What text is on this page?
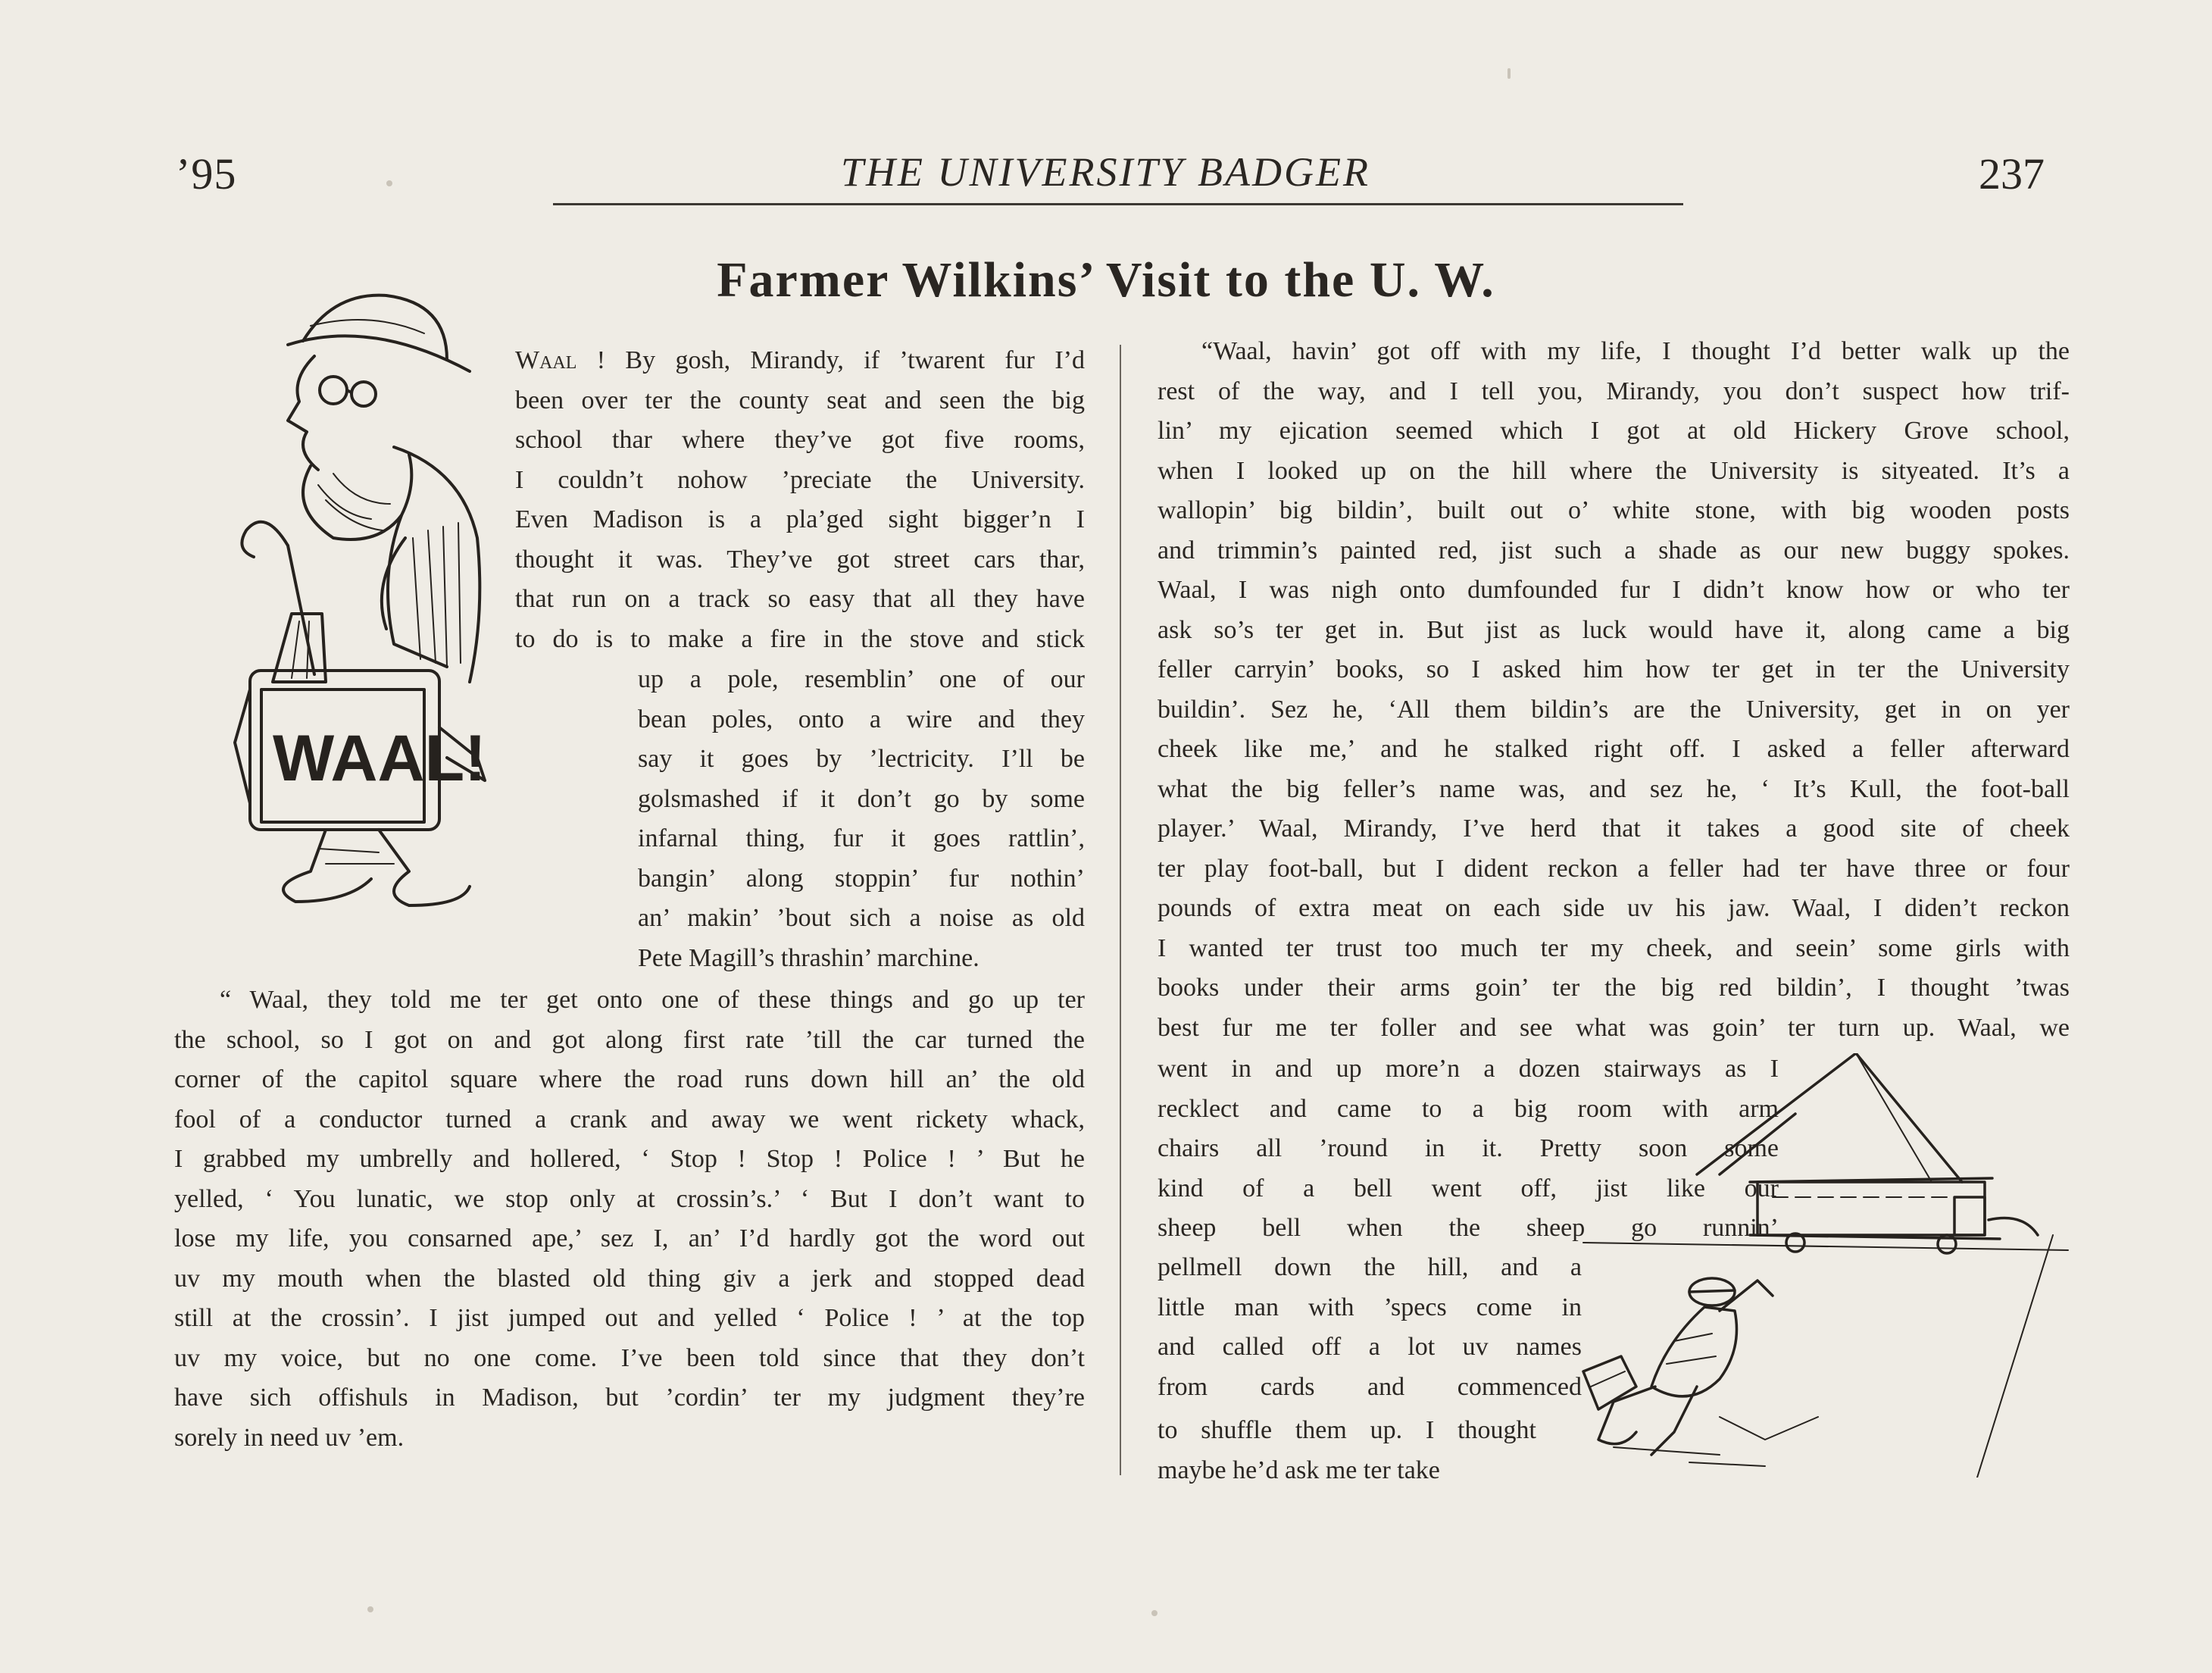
’95	THE UNIVERSITY BADGER	237
Farmer Wilkins’ Visit to the U. W.
WAAL!
Waal ! By gosh, Mirandy, if ’twarent fur I’d
been over ter the county seat and seen the big
school thar where they’ve got five rooms,
I couldn’t nohow ’preciate the University.
Even Madison is a pla’ged sight bigger’n I
thought it was. They’ve got street cars thar,
that run on a track so easy that all they have
to do is to make a fire in the stove and stick
up a pole, resemblin’ one of our
bean poles, onto a wire and they
say it goes by ’lectricity. I’ll be
golsmashed if it don’t go by some
infarnal thing, fur it goes rattlin’,
bangin’ along stoppin’ fur nothin’
an’ makin’ ’bout sich a noise as old
Pete Magill’s thrashin’ marchine.
“ Waal, they told me ter get onto one of these things and go up ter
the school, so I got on and got along first rate ’till the car turned the
corner of the capitol square where the road runs down hill an’ the old
fool of a conductor turned a crank and away we went rickety whack,
I grabbed my umbrelly and hollered, ‘ Stop ! Stop ! Police ! ’ But he
yelled, ‘ You lunatic, we stop only at crossin’s.’ ‘ But I don’t want to
lose my life, you consarned ape,’ sez I, an’ I’d hardly got the word out
uv my mouth when the blasted old thing giv a jerk and stopped dead
still at the crossin’. I jist jumped out and yelled ‘ Police ! ’ at the top
uv my voice, but no one come. I’ve been told since that they don’t
have sich offishuls in Madison, but ’cordin’ ter my judgment they’re
sorely in need uv ’em.
“Waal, havin’ got off with my life, I thought I’d better walk up the
rest of the way, and I tell you, Mirandy, you don’t suspect how trif-
lin’ my ejication seemed which I got at old Hickery Grove school,
when I looked up on the hill where the University is sityeated. It’s a
wallopin’ big bildin’, built out o’ white stone, with big wooden posts
and trimmin’s painted red, jist such a shade as our new buggy spokes.
Waal, I was nigh onto dumfounded fur I didn’t know how or who ter
ask so’s ter get in. But jist as luck would have it, along came a big
feller carryin’ books, so I asked him how ter get in ter the University
buildin’. Sez he, ‘All them bildin’s are the University, get in on yer
cheek like me,’ and he stalked right off. I asked a feller afterward
what the big feller’s name was, and sez he, ‘ It’s Kull, the foot-ball
player.’ Waal, Mirandy, I’ve herd that it takes a good site of cheek
ter play foot-ball, but I dident reckon a feller had ter have three or four
pounds of extra meat on each side uv his jaw. Waal, I diden’t reckon
I wanted ter trust too much ter my cheek, and seein’ some girls with
books under their arms goin’ ter the big red bildin’, I thought ’twas
best fur me ter foller and see what was goin’ ter turn up. Waal, we
went in and up more’n a dozen stairways as I
recklect and came to a big room with arm
chairs all ’round in it. Pretty soon some
kind of a bell went off, jist like our
sheep bell when the sheep go runnin’
pellmell down the hill, and a
little man with ’specs come in
and called off a lot uv names
from cards and commenced
to shuffle them up. I thought
maybe he’d ask me ter take
